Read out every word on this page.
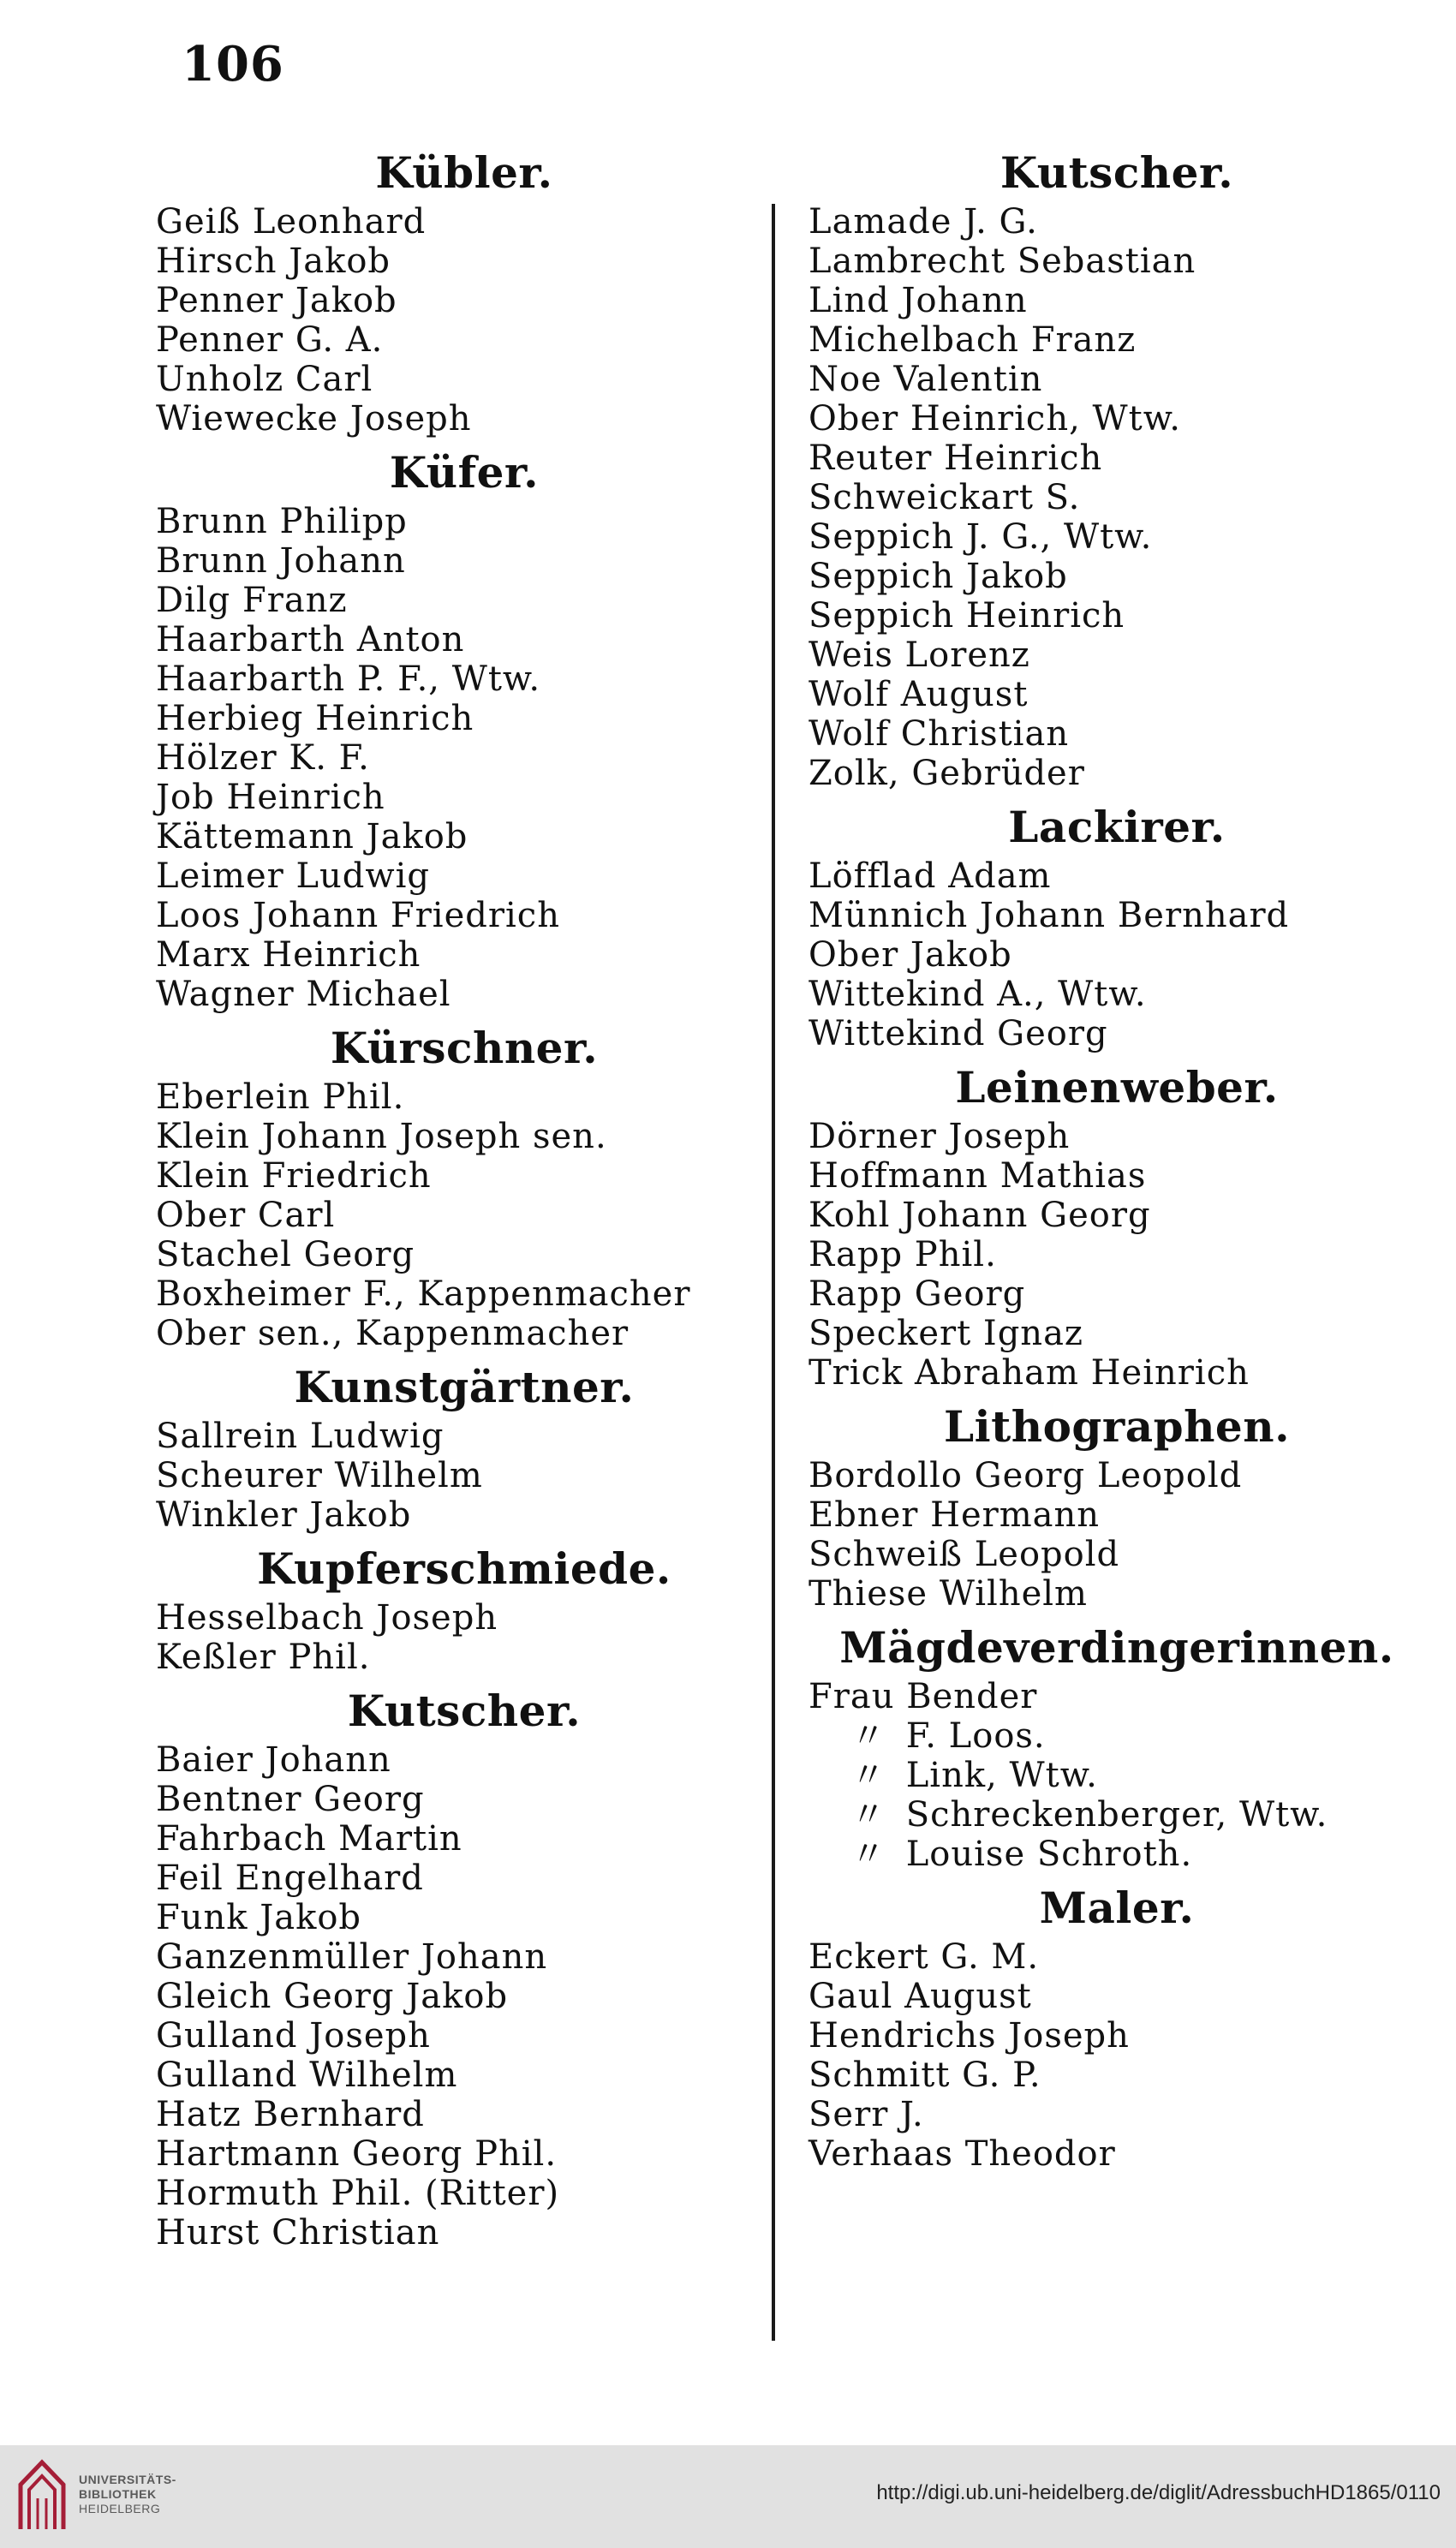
106
Kübler.
Geiß Leonhard
Hirsch Jakob
Penner Jakob
Penner G. A.
Unholz Carl
Wiewecke Joseph
Küfer.
Brunn Philipp
Brunn Johann
Dilg Franz
Haarbarth Anton
Haarbarth P. F., Wtw.
Herbieg Heinrich
Hölzer K. F.
Job Heinrich
Kättemann Jakob
Leimer Ludwig
Loos Johann Friedrich
Marx Heinrich
Wagner Michael
Kürschner.
Eberlein Phil.
Klein Johann Joseph sen.
Klein Friedrich
Ober Carl
Stachel Georg
Boxheimer F., Kappenmacher
Ober sen., Kappenmacher
Kunstgärtner.
Sallrein Ludwig
Scheurer Wilhelm
Winkler Jakob
Kupferschmiede.
Hesselbach Joseph
Keßler Phil.
Kutscher.
Baier Johann
Bentner Georg
Fahrbach Martin
Feil Engelhard
Funk Jakob
Ganzenmüller Johann
Gleich Georg Jakob
Gulland Joseph
Gulland Wilhelm
Hatz Bernhard
Hartmann Georg Phil.
Hormuth Phil. (Ritter)
Hurst Christian
Kutscher.
Lamade J. G.
Lambrecht Sebastian
Lind Johann
Michelbach Franz
Noe Valentin
Ober Heinrich, Wtw.
Reuter Heinrich
Schweickart S.
Seppich J. G., Wtw.
Seppich Jakob
Seppich Heinrich
Weis Lorenz
Wolf August
Wolf Christian
Zolk, Gebrüder
Lackirer.
Löfflad Adam
Münnich Johann Bernhard
Ober Jakob
Wittekind A., Wtw.
Wittekind Georg
Leinenweber.
Dörner Joseph
Hoffmann Mathias
Kohl Johann Georg
Rapp Phil.
Rapp Georg
Speckert Ignaz
Trick Abraham Heinrich
Lithographen.
Bordollo Georg Leopold
Ebner Hermann
Schweiß Leopold
Thiese Wilhelm
Mägdeverdingerinnen.
Frau Bender
〃 F. Loos.
〃 Link, Wtw.
〃 Schreckenberger, Wtw.
〃 Louise Schroth.
Maler.
Eckert G. M.
Gaul August
Hendrichs Joseph
Schmitt G. P.
Serr J.
Verhaas Theodor
UNIVERSITÄTS-
BIBLIOTHEK
HEIDELBERG
http://digi.ub.uni-heidelberg.de/diglit/AdressbuchHD1865/0110
